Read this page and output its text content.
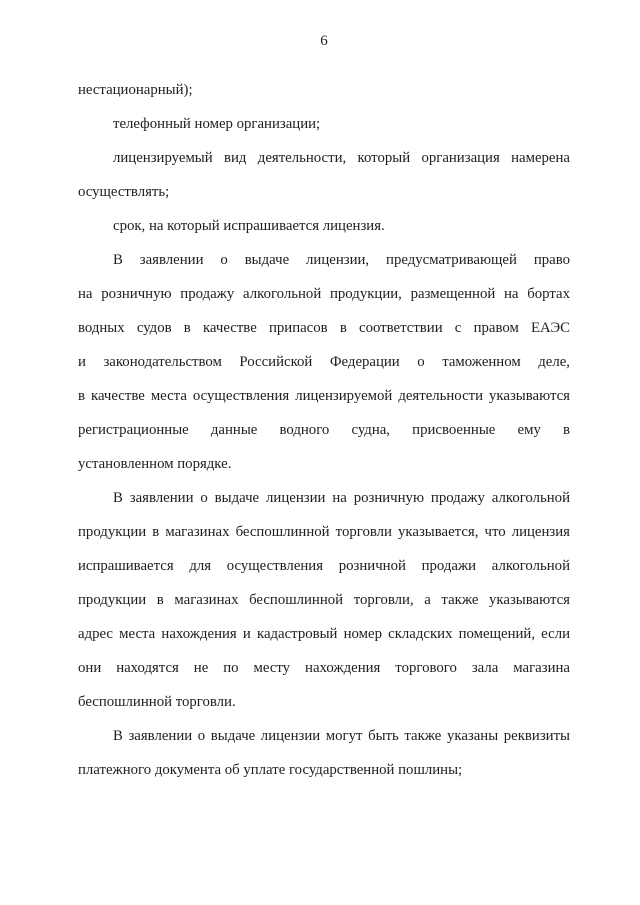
6
нестационарный);
телефонный номер организации;
лицензируемый вид деятельности, который организация намерена
осуществлять;
срок, на который испрашивается лицензия.
В заявлении о выдаче лицензии, предусматривающей право
на розничную продажу алкогольной продукции, размещенной на бортах
водных судов в качестве припасов в соответствии с правом ЕАЭС
и законодательством Российской Федерации о таможенном деле,
в качестве места осуществления лицензируемой деятельности указываются
регистрационные данные водного судна, присвоенные ему в
установленном порядке.
В заявлении о выдаче лицензии на розничную продажу алкогольной
продукции в магазинах беспошлинной торговли указывается, что лицензия
испрашивается для осуществления розничной продажи алкогольной
продукции в магазинах беспошлинной торговли, а также указываются
адрес места нахождения и кадастровый номер складских помещений, если
они находятся не по месту нахождения торгового зала магазина
беспошлинной торговли.
В заявлении о выдаче лицензии могут быть также указаны реквизиты
платежного документа об уплате государственной пошлины;
